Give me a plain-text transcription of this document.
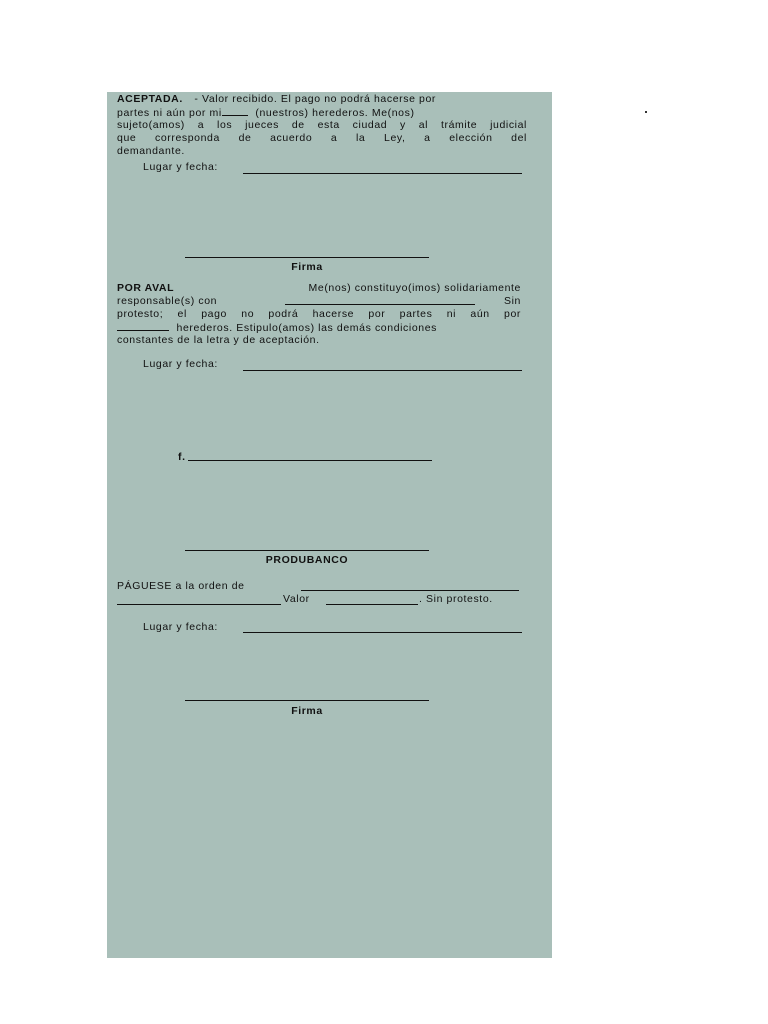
ACEPTADA. - Valor recibido. El pago no podrá hacerse por
partes ni aún por mi	(nuestros) herederos. Me(nos)
sujeto(amos) a los jueces de esta ciudad y al trámite judicial
que corresponda de acuerdo a la Ley, a elección del
demandante.
Lugar y fecha:
Firma
POR AVAL	Me(nos) constituyo(imos) solidariamente
responsable(s) con	Sin
protesto; el pago no podrá hacerse por partes ni aún por
herederos. Estipulo(amos) las demás condiciones
constantes de la letra y de aceptación.
Lugar y fecha:
f.
PRODUBANCO
PÁGUESE a la orden de
Valor	. Sin protesto.
Lugar y fecha:
Firma
